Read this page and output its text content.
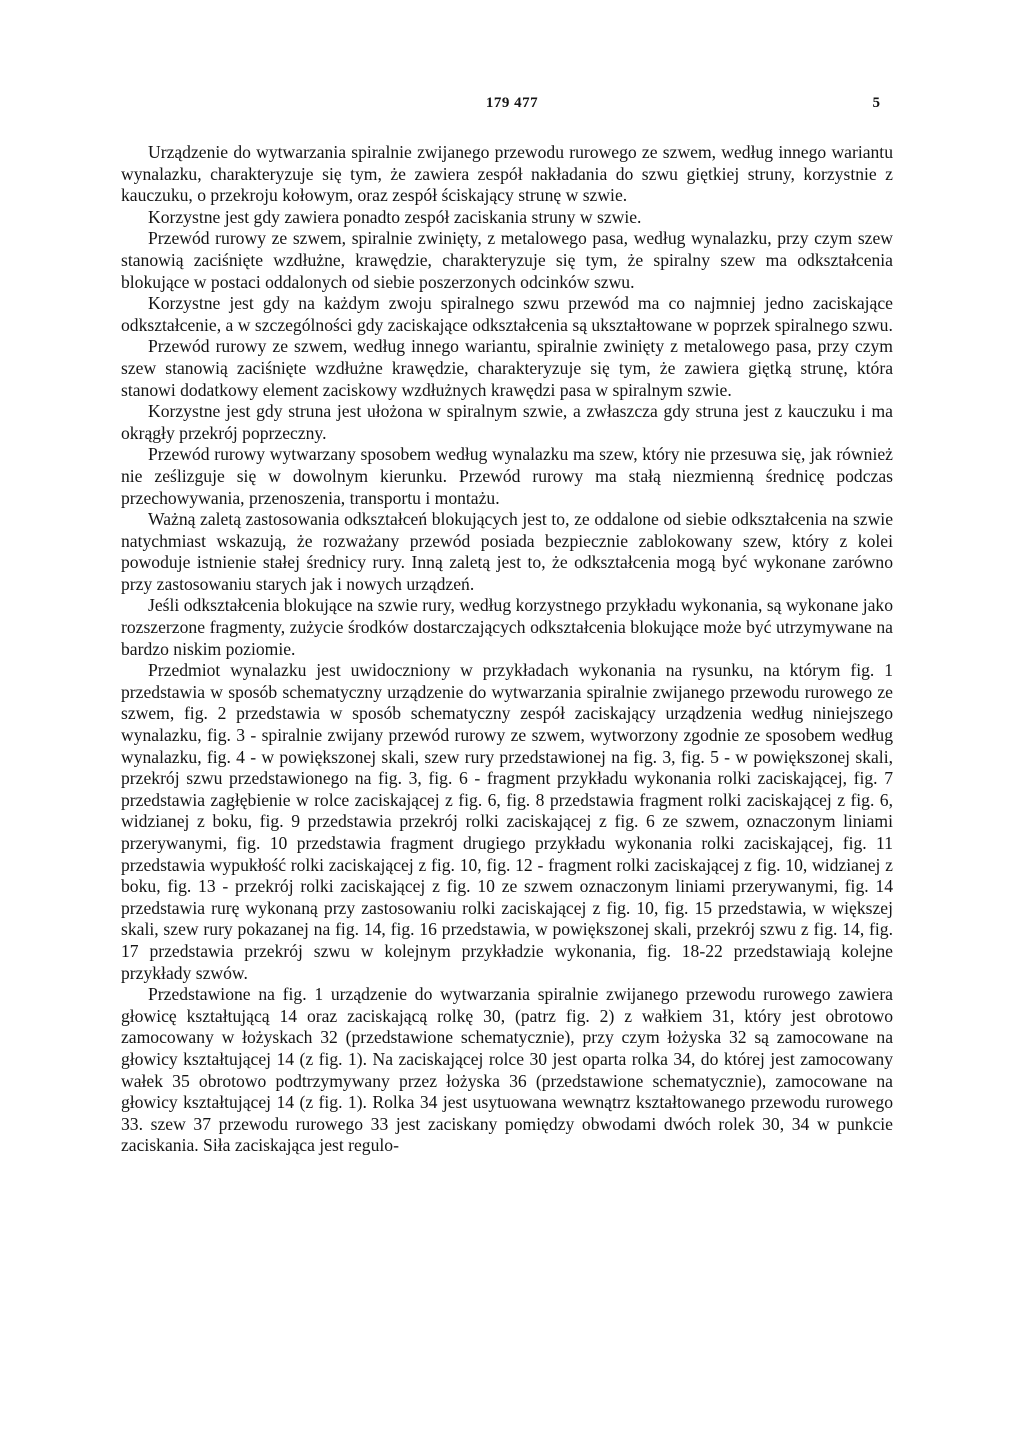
179 477	5

Urządzenie do wytwarzania spiralnie zwijanego przewodu rurowego ze szwem, według innego wariantu wynalazku, charakteryzuje się tym, że zawiera zespół nakładania do szwu giętkiej struny, korzystnie z kauczuku, o przekroju kołowym, oraz zespół ściskający strunę w szwie.

Korzystne jest gdy zawiera ponadto zespół zaciskania struny w szwie.

Przewód rurowy ze szwem, spiralnie zwinięty, z metalowego pasa, według wynalazku, przy czym szew stanowią zaciśnięte wzdłużne, krawędzie, charakteryzuje się tym, że spiralny szew ma odkształcenia blokujące w postaci oddalonych od siebie poszerzonych odcinków szwu.

Korzystne jest gdy na każdym zwoju spiralnego szwu przewód ma co najmniej jedno zaciskające odkształcenie, a w szczególności gdy zaciskające odkształcenia są ukształtowane w poprzek spiralnego szwu.

Przewód rurowy ze szwem, według innego wariantu, spiralnie zwinięty z metalowego pasa, przy czym szew stanowią zaciśnięte wzdłużne krawędzie, charakteryzuje się tym, że zawiera giętką strunę, która stanowi dodatkowy element zaciskowy wzdłużnych krawędzi pasa w spiralnym szwie.

Korzystne jest gdy struna jest ułożona w spiralnym szwie, a zwłaszcza gdy struna jest z kauczuku i ma okrągły przekrój poprzeczny.

Przewód rurowy wytwarzany sposobem według wynalazku ma szew, który nie przesuwa się, jak również nie ześlizguje się w dowolnym kierunku. Przewód rurowy ma stałą niezmienną średnicę podczas przechowywania, przenoszenia, transportu i montażu.

Ważną zaletą zastosowania odkształceń blokujących jest to, ze oddalone od siebie odkształcenia na szwie natychmiast wskazują, że rozważany przewód posiada bezpiecznie zablokowany szew, który z kolei powoduje istnienie stałej średnicy rury. Inną zaletą jest to, że odkształcenia mogą być wykonane zarówno przy zastosowaniu starych jak i nowych urządzeń.

Jeśli odkształcenia blokujące na szwie rury, według korzystnego przykładu wykonania, są wykonane jako rozszerzone fragmenty, zużycie środków dostarczających odkształcenia blokujące może być utrzymywane na bardzo niskim poziomie.

Przedmiot wynalazku jest uwidoczniony w przykładach wykonania na rysunku, na którym fig. 1 przedstawia w sposób schematyczny urządzenie do wytwarzania spiralnie zwijanego przewodu rurowego ze szwem, fig. 2 przedstawia w sposób schematyczny zespół zaciskający urządzenia według niniejszego wynalazku, fig. 3 - spiralnie zwijany przewód rurowy ze szwem, wytworzony zgodnie ze sposobem według wynalazku, fig. 4 - w powiększonej skali, szew rury przedstawionej na fig. 3, fig. 5 - w powiększonej skali, przekrój szwu przedstawionego na fig. 3, fig. 6 - fragment przykładu wykonania rolki zaciskającej, fig. 7 przedstawia zagłębienie w rolce zaciskającej z fig. 6, fig. 8 przedstawia fragment rolki zaciskającej z fig. 6, widzianej z boku, fig. 9 przedstawia przekrój rolki zaciskającej z fig. 6 ze szwem, oznaczonym liniami przerywanymi, fig. 10 przedstawia fragment drugiego przykładu wykonania rolki zaciskającej, fig. 11 przedstawia wypukłość rolki zaciskającej z fig. 10, fig. 12 - fragment rolki zaciskającej z fig. 10, widzianej z boku, fig. 13 - przekrój rolki zaciskającej z fig. 10 ze szwem oznaczonym liniami przerywanymi, fig. 14 przedstawia rurę wykonaną przy zastosowaniu rolki zaciskającej z fig. 10, fig. 15 przedstawia, w większej skali, szew rury pokazanej na fig. 14, fig. 16 przedstawia, w powiększonej skali, przekrój szwu z fig. 14, fig. 17 przedstawia przekrój szwu w kolejnym przykładzie wykonania, fig. 18-22 przedstawiają kolejne przykłady szwów.

Przedstawione na fig. 1 urządzenie do wytwarzania spiralnie zwijanego przewodu rurowego zawiera głowicę kształtującą 14 oraz zaciskającą rolkę 30, (patrz fig. 2) z wałkiem 31, który jest obrotowo zamocowany w łożyskach 32 (przedstawione schematycznie), przy czym łożyska 32 są zamocowane na głowicy kształtującej 14 (z fig. 1). Na zaciskającej rolce 30 jest oparta rolka 34, do której jest zamocowany wałek 35 obrotowo podtrzymywany przez łożyska 36 (przedstawione schematycznie), zamocowane na głowicy kształtującej 14 (z fig. 1). Rolka 34 jest usytuowana wewnątrz kształtowanego przewodu rurowego 33. szew 37 przewodu rurowego 33 jest zaciskany pomiędzy obwodami dwóch rolek 30, 34 w punkcie zaciskania. Siła zaciskająca jest regulo-
